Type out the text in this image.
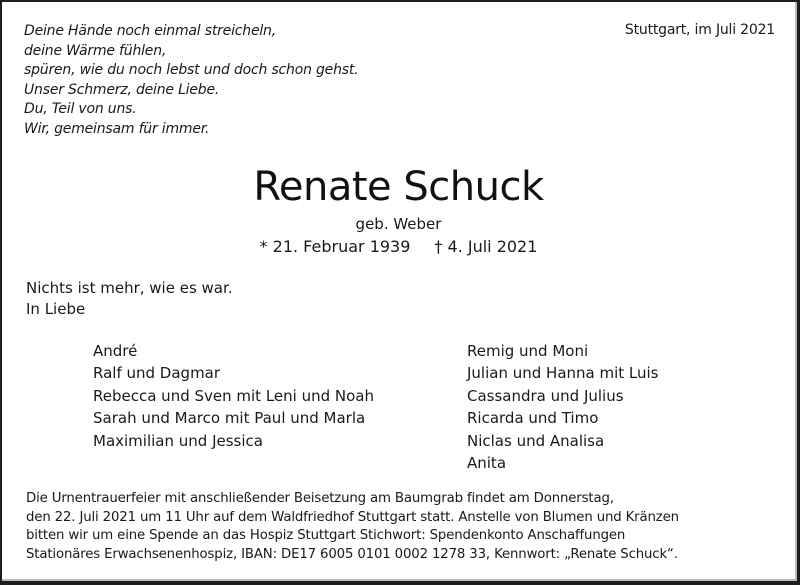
Deine Hände noch einmal streicheln,
deine Wärme fühlen,
spüren, wie du noch lebst und doch schon gehst.
Unser Schmerz, deine Liebe.
Du, Teil von uns.
Wir, gemeinsam für immer.
Stuttgart, im Juli 2021
Renate Schuck
geb. Weber
* 21. Februar 1939 † 4. Juli 2021
Nichts ist mehr, wie es war.
In Liebe
André
Ralf und Dagmar
Rebecca und Sven mit Leni und Noah
Sarah und Marco mit Paul und Marla
Maximilian und Jessica
Remig und Moni
Julian und Hanna mit Luis
Cassandra und Julius
Ricarda und Timo
Niclas und Analisa
Anita
Die Urnentrauerfeier mit anschließender Beisetzung am Baumgrab findet am Donnerstag,
den 22. Juli 2021 um 11 Uhr auf dem Waldfriedhof Stuttgart statt. Anstelle von Blumen und Kränzen
bitten wir um eine Spende an das Hospiz Stuttgart Stichwort: Spendenkonto Anschaffungen
Stationäres Erwachsenenhospiz, IBAN: DE17 6005 0101 0002 1278 33, Kennwort: „Renate Schuck“.
